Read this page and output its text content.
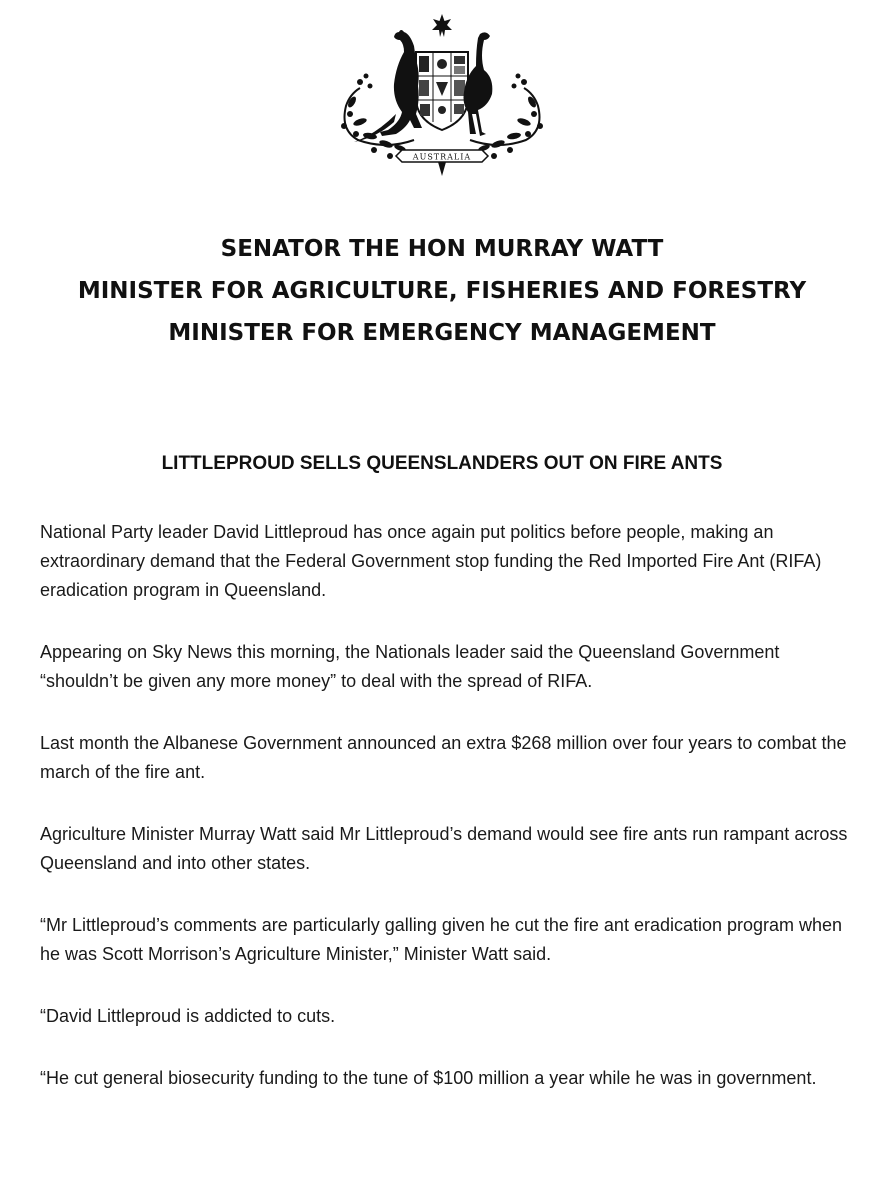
AUSTRALIA
SENATOR THE HON MURRAY WATT
MINISTER FOR AGRICULTURE, FISHERIES AND FORESTRY
MINISTER FOR EMERGENCY MANAGEMENT
LITTLEPROUD SELLS QUEENSLANDERS OUT ON FIRE ANTS

National Party leader David Littleproud has once again put politics before people, making an extraordinary demand that the Federal Government stop funding the Red Imported Fire Ant (RIFA) eradication program in Queensland.

Appearing on Sky News this morning, the Nationals leader said the Queensland Government “shouldn’t be given any more money” to deal with the spread of RIFA.

Last month the Albanese Government announced an extra $268 million over four years to combat the march of the fire ant.

Agriculture Minister Murray Watt said Mr Littleproud’s demand would see fire ants run rampant across Queensland and into other states.

“Mr Littleproud’s comments are particularly galling given he cut the fire ant eradication program when he was Scott Morrison’s Agriculture Minister,” Minister Watt said.

“David Littleproud is addicted to cuts.

“He cut general biosecurity funding to the tune of $100 million a year while he was in government.
